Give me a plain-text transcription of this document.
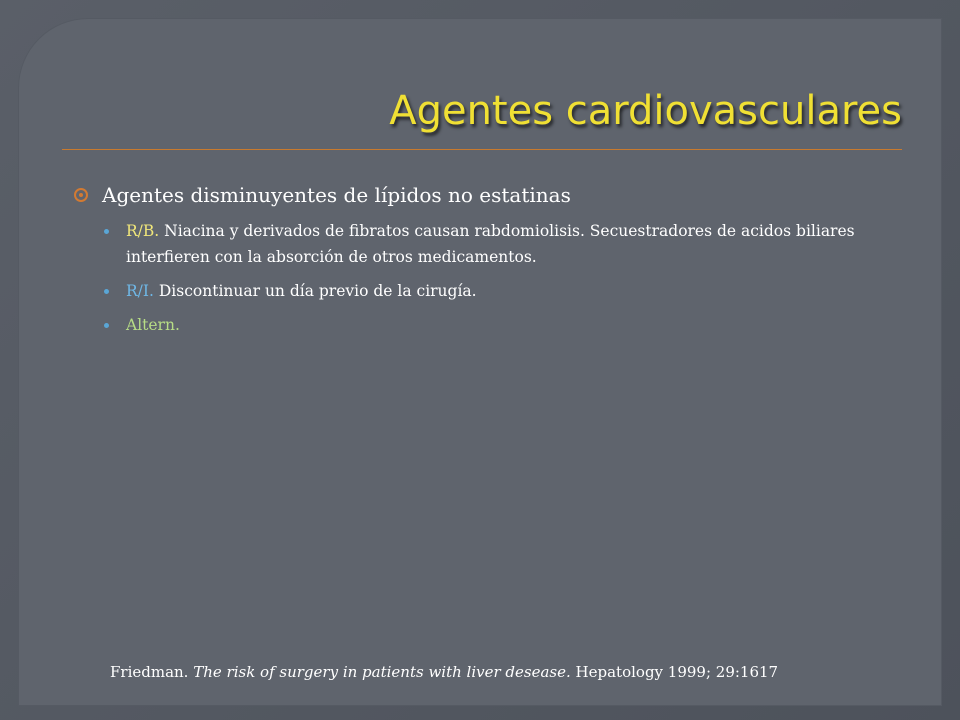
Agentes cardiovasculares
Agentes disminuyentes de lípidos no estatinas
R/B. Niacina y derivados de fibratos causan rabdomiolisis. Secuestradores de acidos biliares interfieren con la absorción de otros medicamentos.
R/I. Discontinuar un día previo de la cirugía.
Altern.
Friedman. The risk of surgery in patients with liver desease. Hepatology 1999; 29:1617
